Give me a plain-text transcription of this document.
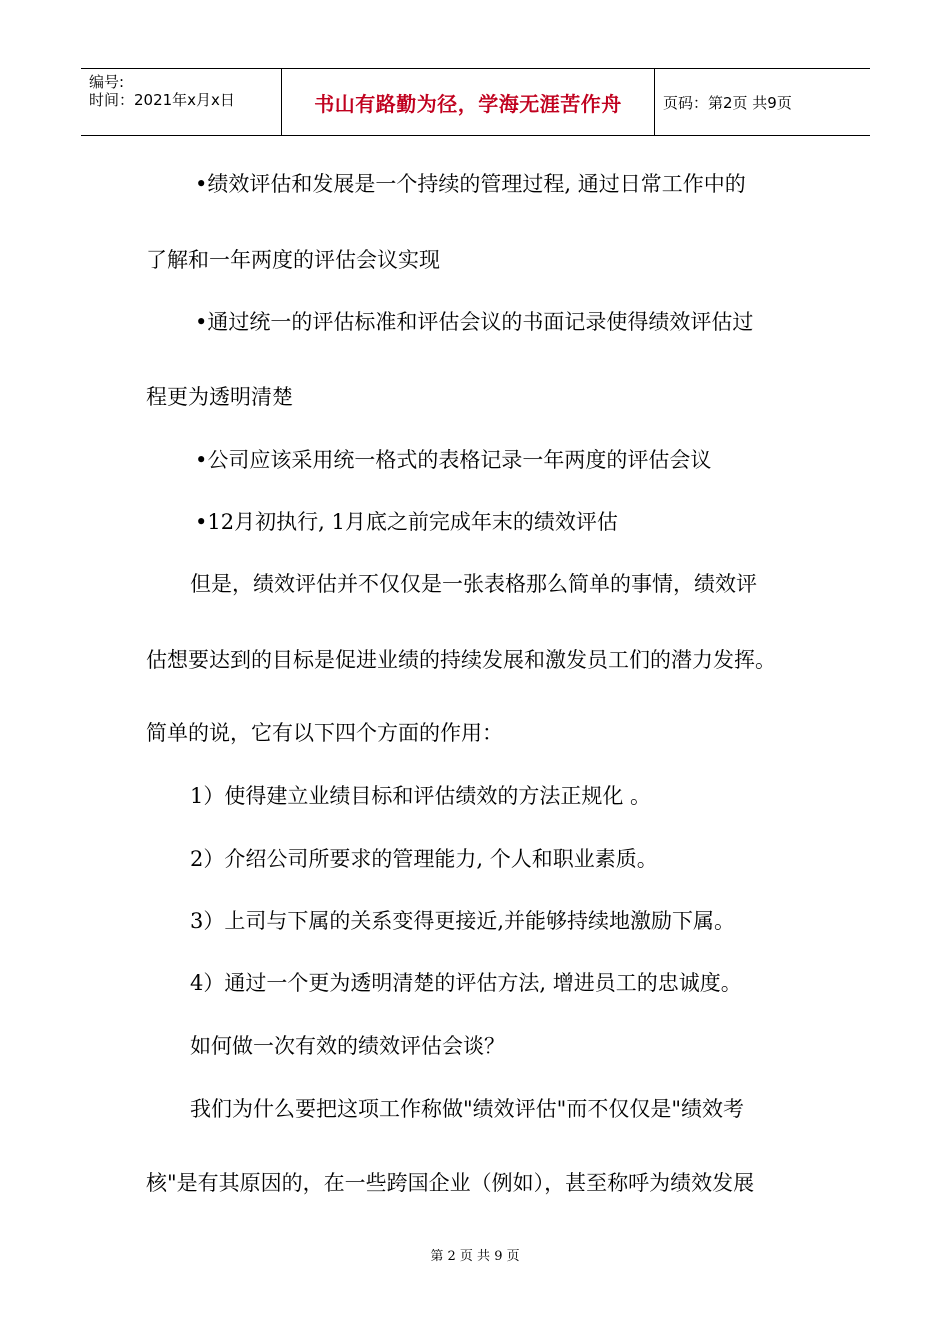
编号:
时间：2021年x月x日	书山有路勤为径，学海无涯苦作舟	页码：第2页 共9页
•绩效评估和发展是一个持续的管理过程, 通过日常工作中的
了解和一年两度的评估会议实现
•通过统一的评估标准和评估会议的书面记录使得绩效评估过
程更为透明清楚
•公司应该采用统一格式的表格记录一年两度的评估会议
•12月初执行, 1月底之前完成年末的绩效评估
但是，绩效评估并不仅仅是一张表格那么简单的事情，绩效评
估想要达到的目标是促进业绩的持续发展和激发员工们的潜力发挥。
简单的说，它有以下四个方面的作用：
1）使得建立业绩目标和评估绩效的方法正规化 。
2）介绍公司所要求的管理能力, 个人和职业素质。
3）上司与下属的关系变得更接近,并能够持续地激励下属。
4）通过一个更为透明清楚的评估方法, 增进员工的忠诚度。
如何做一次有效的绩效评估会谈？
我们为什么要把这项工作称做"绩效评估"而不仅仅是"绩效考
核"是有其原因的，在一些跨国企业（例如），甚至称呼为绩效发展
第 2 页 共 9 页
